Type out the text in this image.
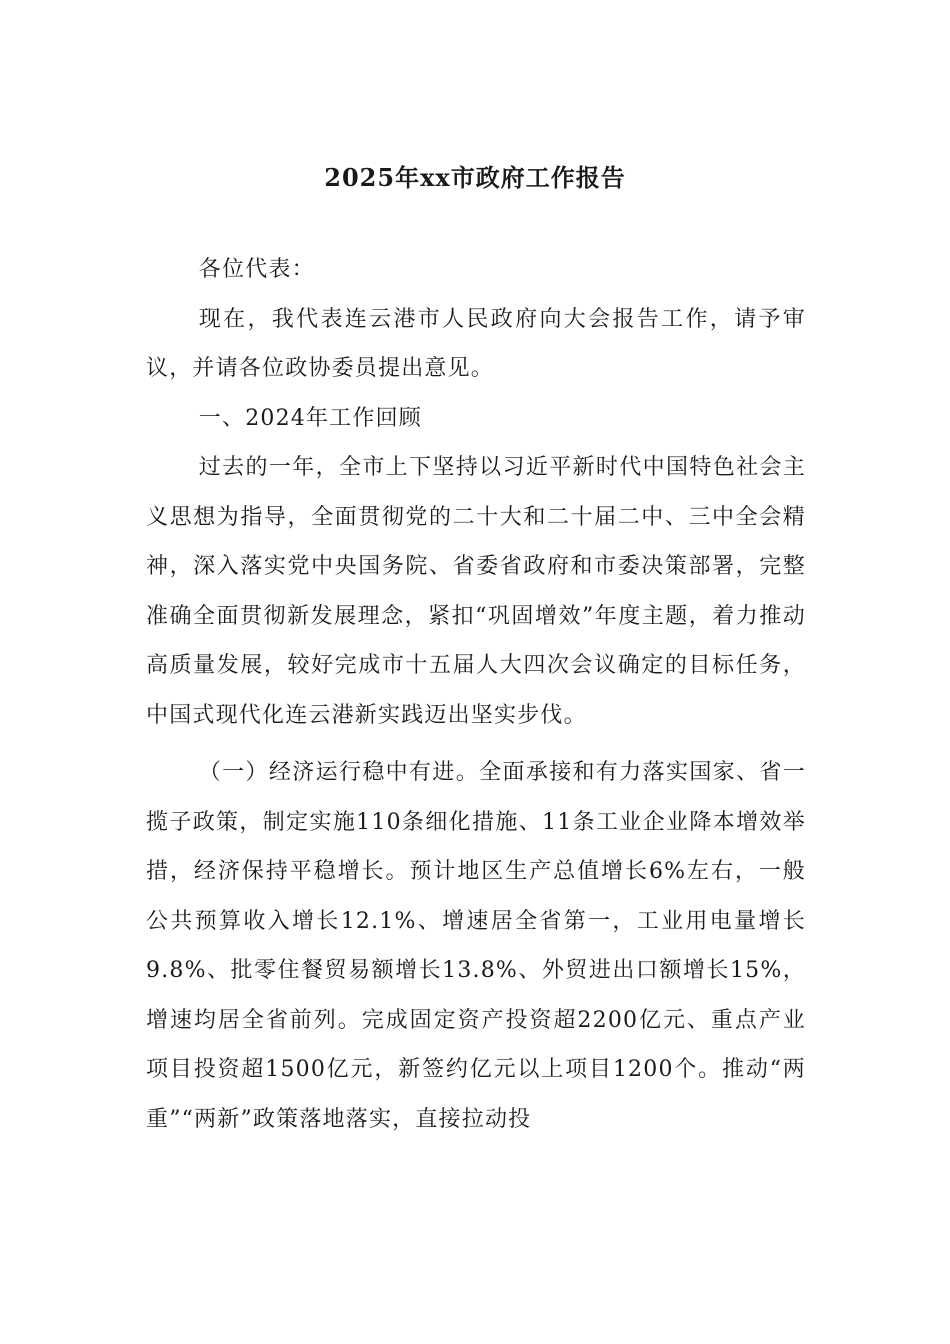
2025年xx市政府工作报告

各位代表：

现在，我代表连云港市人民政府向大会报告工作，请予审议，并请各位政协委员提出意见。

一、2024年工作回顾

过去的一年，全市上下坚持以习近平新时代中国特色社会主义思想为指导，全面贯彻党的二十大和二十届二中、三中全会精神，深入落实党中央国务院、省委省政府和市委决策部署，完整准确全面贯彻新发展理念，紧扣“巩固增效”年度主题，着力推动高质量发展，较好完成市十五届人大四次会议确定的目标任务，中国式现代化连云港新实践迈出坚实步伐。

（一）经济运行稳中有进。全面承接和有力落实国家、省一揽子政策，制定实施110条细化措施、11条工业企业降本增效举措，经济保持平稳增长。预计地区生产总值增长6%左右，一般公共预算收入增长12.1%、增速居全省第一，工业用电量增长9.8%、批零住餐贸易额增长13.8%、外贸进出口额增长15%，增速均居全省前列。完成固定资产投资超2200亿元、重点产业项目投资超1500亿元，新签约亿元以上项目1200个。推动“两重”“两新”政策落地落实，直接拉动投
